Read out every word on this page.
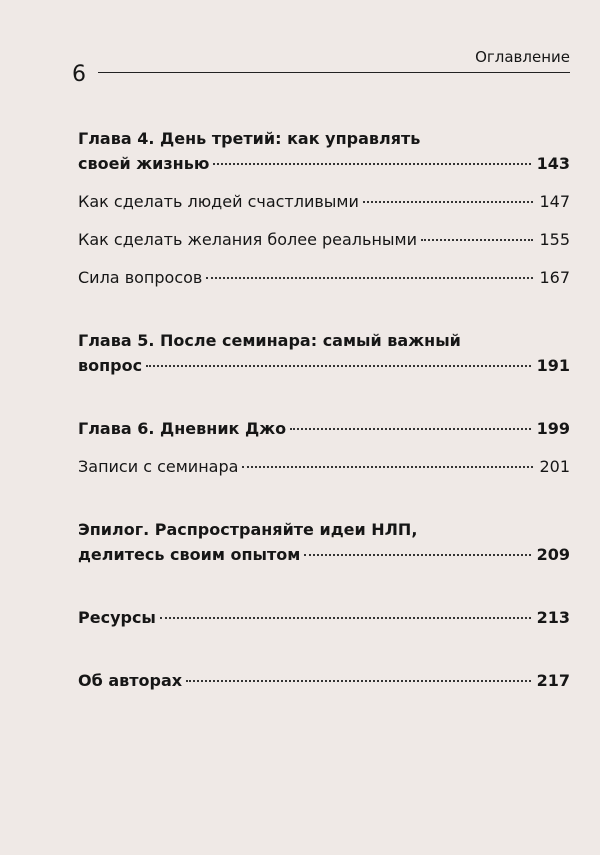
6
Оглавление
Глава 4. День третий: как управлять
своей жизнью	143
Как сделать людей счастливыми	147
Как сделать желания более реальными	155
Сила вопросов	167
Глава 5. После семинара: самый важный
вопрос	191
Глава 6. Дневник Джо	199
Записи с семинара	201
Эпилог. Распространяйте идеи НЛП,
делитесь своим опытом	209
Ресурсы	213
Об авторах	217
